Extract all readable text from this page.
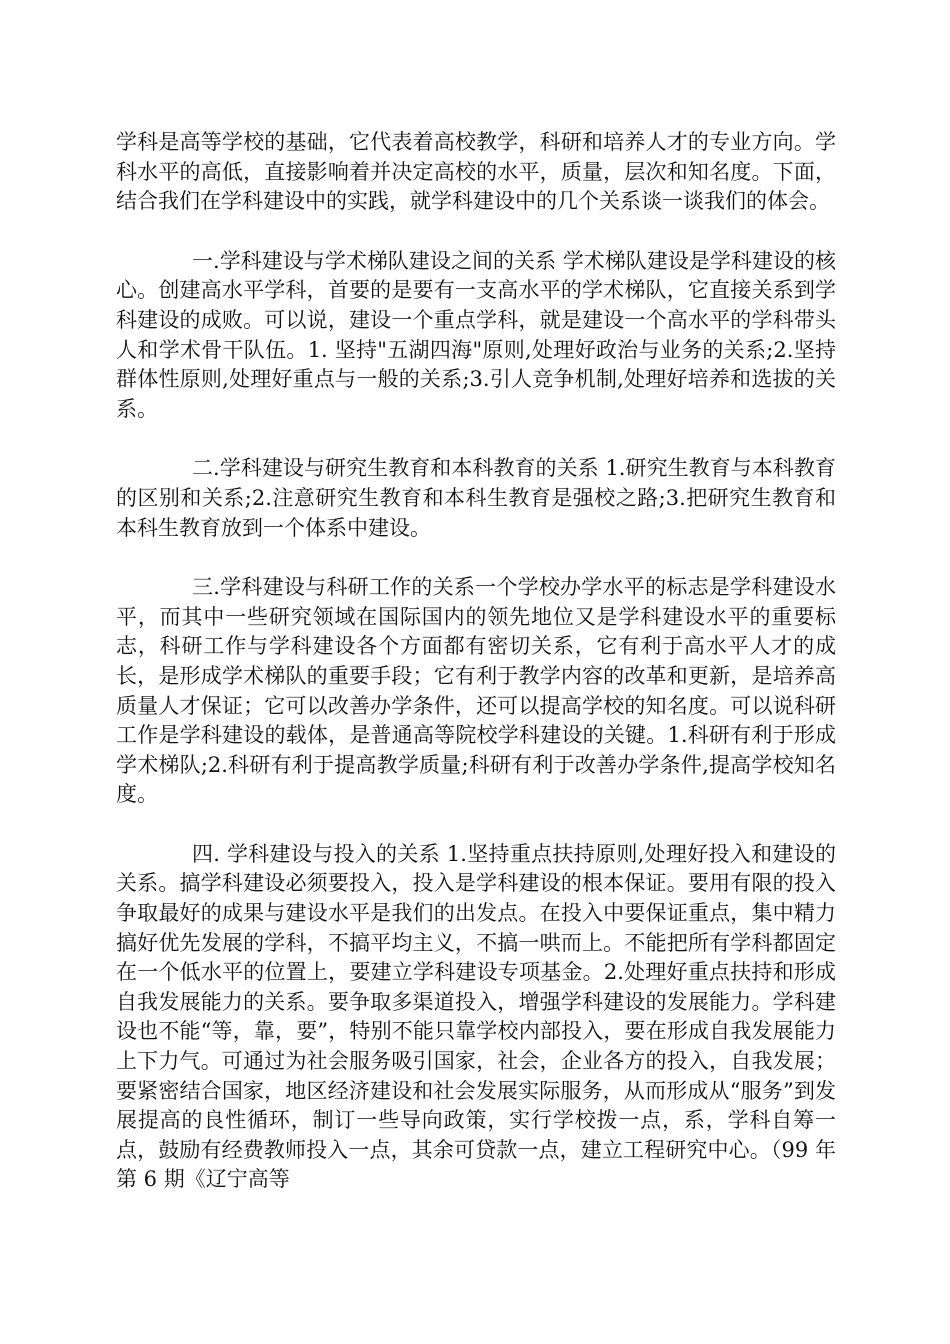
学科是高等学校的基础，它代表着高校教学，科研和培养人才的专业方向。学科水平的高低，直接影响着并决定高校的水平，质量，层次和知名度。下面，结合我们在学科建设中的实践，就学科建设中的几个关系谈一谈我们的体会。

一.学科建设与学术梯队建设之间的关系 学术梯队建设是学科建设的核心。创建高水平学科，首要的是要有一支高水平的学术梯队，它直接关系到学科建设的成败。可以说，建设一个重点学科，就是建设一个高水平的学科带头人和学术骨干队伍。1. 坚持"五湖四海"原则,处理好政治与业务的关系;2.坚持群体性原则,处理好重点与一般的关系;3.引人竞争机制,处理好培养和选拔的关系。

二.学科建设与研究生教育和本科教育的关系 1.研究生教育与本科教育的区别和关系;2.注意研究生教育和本科生教育是强校之路;3.把研究生教育和本科生教育放到一个体系中建设。

三.学科建设与科研工作的关系一个学校办学水平的标志是学科建设水平，而其中一些研究领域在国际国内的领先地位又是学科建设水平的重要标志，科研工作与学科建设各个方面都有密切关系，它有利于高水平人才的成长，是形成学术梯队的重要手段；它有利于教学内容的改革和更新，是培养高质量人才保证；它可以改善办学条件，还可以提高学校的知名度。可以说科研工作是学科建设的载体，是普通高等院校学科建设的关键。1.科研有利于形成学术梯队;2.科研有利于提高教学质量;科研有利于改善办学条件,提高学校知名度。

四. 学科建设与投入的关系 1.坚持重点扶持原则,处理好投入和建设的关系。搞学科建设必须要投入，投入是学科建设的根本保证。要用有限的投入争取最好的成果与建设水平是我们的出发点。在投入中要保证重点，集中精力搞好优先发展的学科，不搞平均主义，不搞一哄而上。不能把所有学科都固定在一个低水平的位置上，要建立学科建设专项基金。2.处理好重点扶持和形成自我发展能力的关系。要争取多渠道投入，增强学科建设的发展能力。学科建设也不能“等，靠，要”，特别不能只靠学校内部投入，要在形成自我发展能力上下力气。可通过为社会服务吸引国家，社会，企业各方的投入，自我发展；要紧密结合国家，地区经济建设和社会发展实际服务，从而形成从“服务”到发展提高的良性循环，制订一些导向政策，实行学校拨一点，系，学科自筹一点，鼓励有经费教师投入一点，其余可贷款一点，建立工程研究中心。（99 年第 6 期《辽宁高等
